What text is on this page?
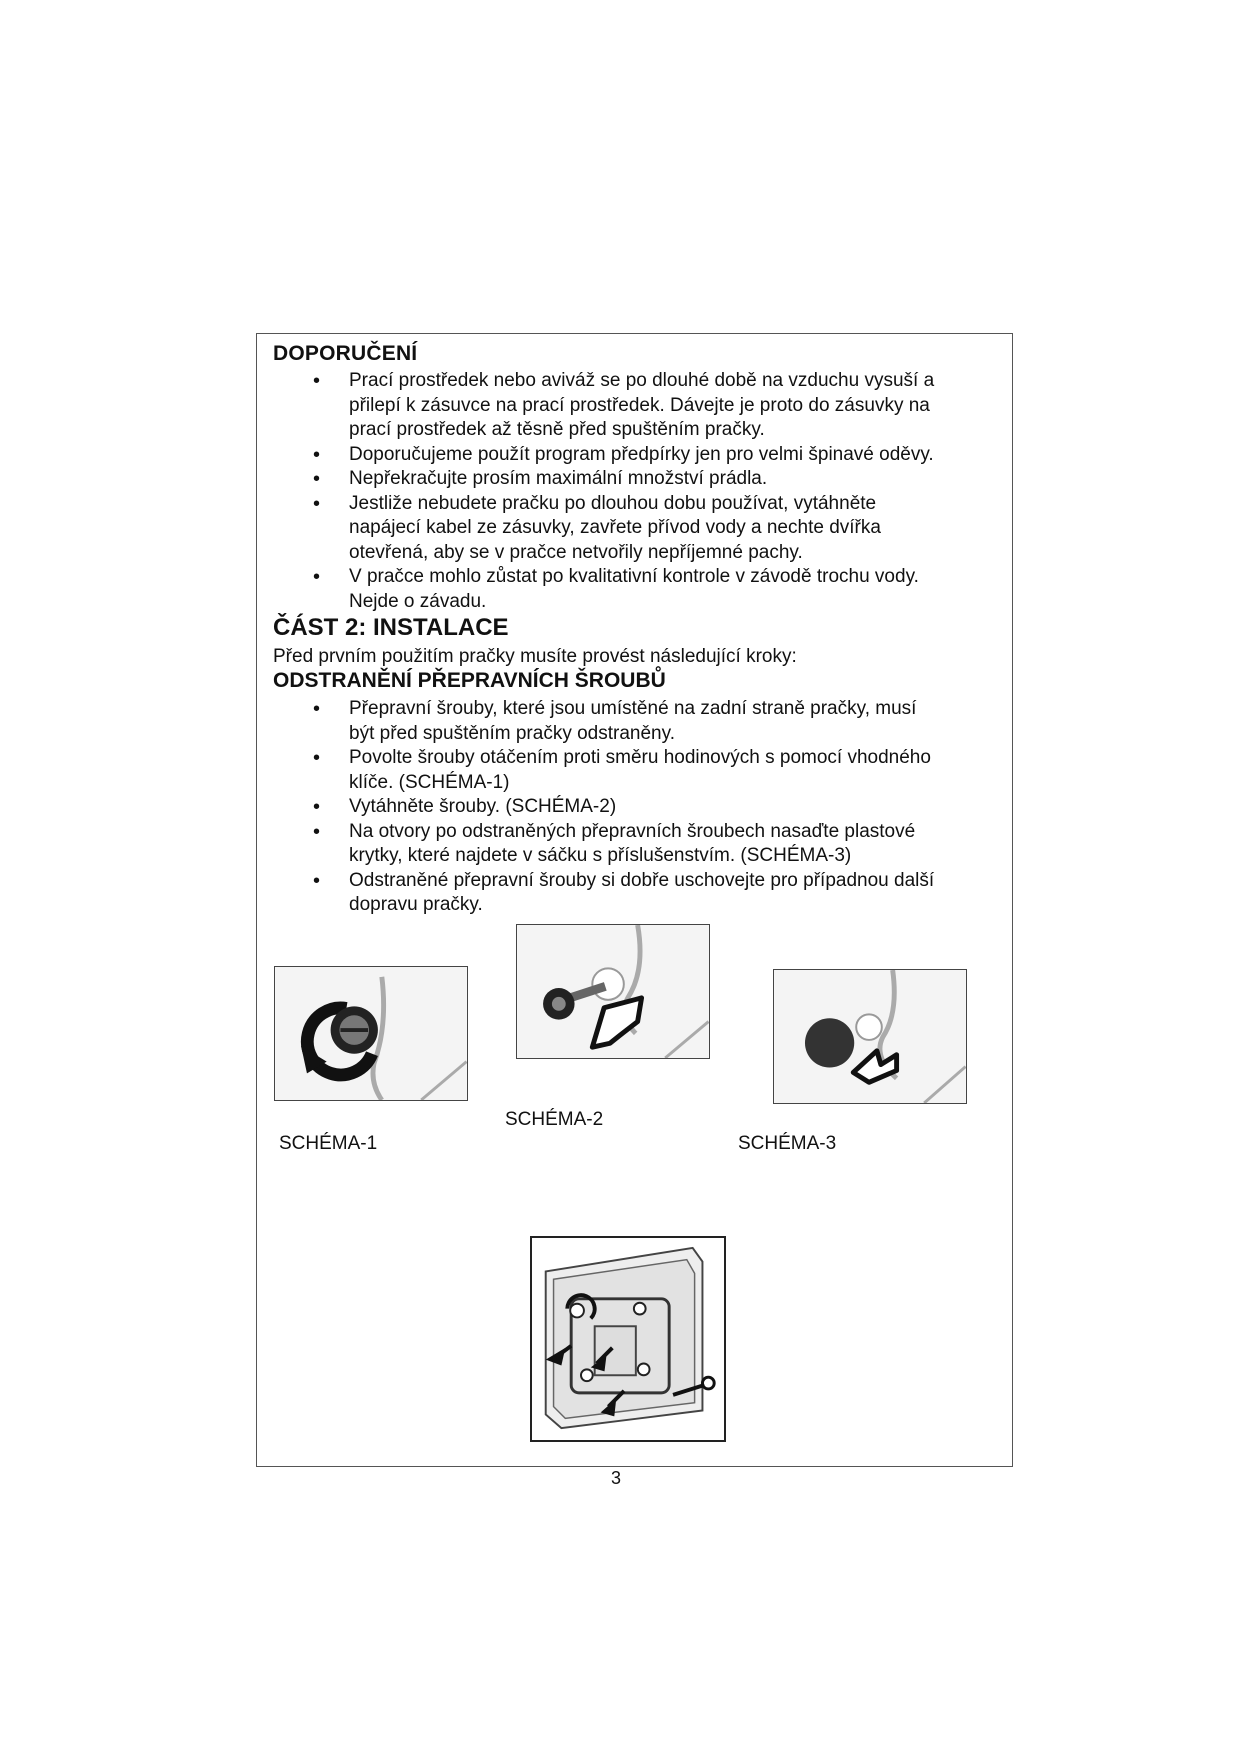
DOPORUČENÍ
• Prací prostředek nebo aviváž se po dlouhé době na vzduchu vysuší a
přilepí k zásuvce na prací prostředek. Dávejte je proto do zásuvky na
prací prostředek až těsně před spuštěním pračky.
• Doporučujeme použít program předpírky jen pro velmi špinavé oděvy.
• Nepřekračujte prosím maximální množství prádla.
• Jestliže nebudete pračku po dlouhou dobu používat, vytáhněte
napájecí kabel ze zásuvky, zavřete přívod vody a nechte dvířka
otevřená, aby se v pračce netvořily nepříjemné pachy.
• V pračce mohlo zůstat po kvalitativní kontrole v závodě trochu vody.
Nejde o závadu.
ČÁST 2: INSTALACE
Před prvním použitím pračky musíte provést následující kroky:
ODSTRANĚNÍ PŘEPRAVNÍCH ŠROUBŮ
• Přepravní šrouby, které jsou umístěné na zadní straně pračky, musí
být před spuštěním pračky odstraněny.
• Povolte šrouby otáčením proti směru hodinových s pomocí vhodného
klíče. (SCHÉMA-1)
• Vytáhněte šrouby. (SCHÉMA-2)
• Na otvory po odstraněných přepravních šroubech nasaďte plastové
krytky, které najdete v sáčku s příslušenstvím. (SCHÉMA-3)
• Odstraněné přepravní šrouby si dobře uschovejte pro případnou další
dopravu pračky.
SCHÉMA-1
SCHÉMA-2
SCHÉMA-3
3
